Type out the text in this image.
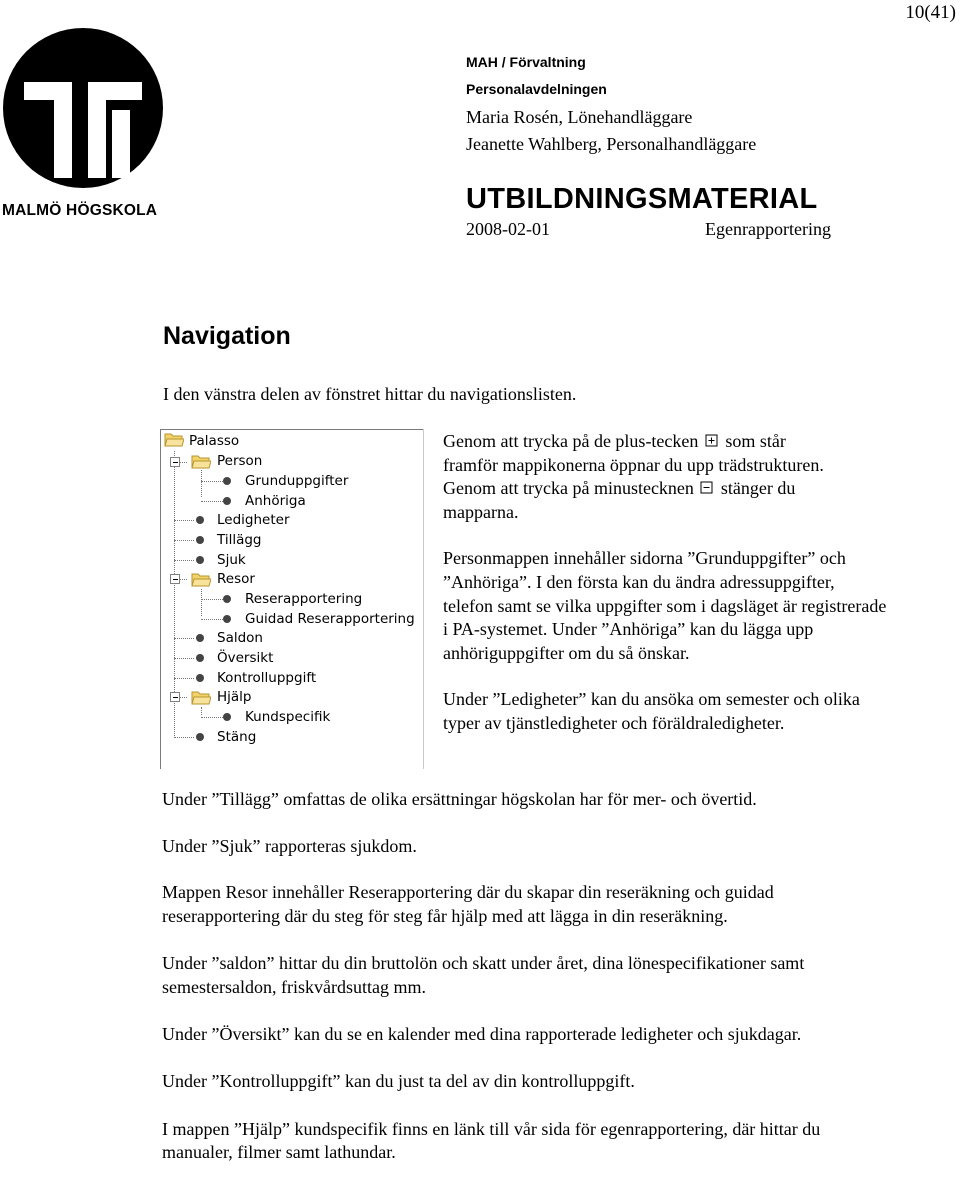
10(41)
MALMÖ HÖGSKOLA
MAH / Förvaltning
Personalavdelningen
Maria Rosén, Lönehandläggare
Jeanette Wahlberg, Personalhandläggare
UTBILDNINGSMATERIAL
2008-02-01	Egenrapportering
Navigation
I den vänstra delen av fönstret hittar du navigationslisten.
Palasso
Person
Grunduppgifter
Anhöriga
Ledigheter
Tillägg
Sjuk
Resor
Reserapportering
Guidad Reserapportering
Saldon
Översikt
Kontrolluppgift
Hjälp
Kundspecifik
Stäng

Genom att trycka på de plus-tecken som står
framför mappikonerna öppnar du upp trädstrukturen.
Genom att trycka på minustecknen stänger du
mapparna.

Personmappen innehåller sidorna ”Grunduppgifter” och ”Anhöriga”. I den första kan du ändra adressuppgifter, telefon samt se vilka uppgifter som i dagsläget är registrerade i PA-systemet. Under ”Anhöriga” kan du lägga upp anhöriguppgifter om du så önskar.

Under ”Ledigheter” kan du ansöka om semester och olika typer av tjänstledigheter och föräldraledigheter.

Under ”Tillägg” omfattas de olika ersättningar högskolan har för mer- och övertid.

Under ”Sjuk” rapporteras sjukdom.

Mappen Resor innehåller Reserapportering där du skapar din reseräkning och guidad reserapportering där du steg för steg får hjälp med att lägga in din reseräkning.

Under ”saldon” hittar du din bruttolön och skatt under året, dina lönespecifikationer samt semestersaldon, friskvårdsuttag mm.

Under ”Översikt” kan du se en kalender med dina rapporterade ledigheter och sjukdagar.

Under ”Kontrolluppgift” kan du just ta del av din kontrolluppgift.

I mappen ”Hjälp” kundspecifik finns en länk till vår sida för egenrapportering, där hittar du manualer, filmer samt lathundar.
